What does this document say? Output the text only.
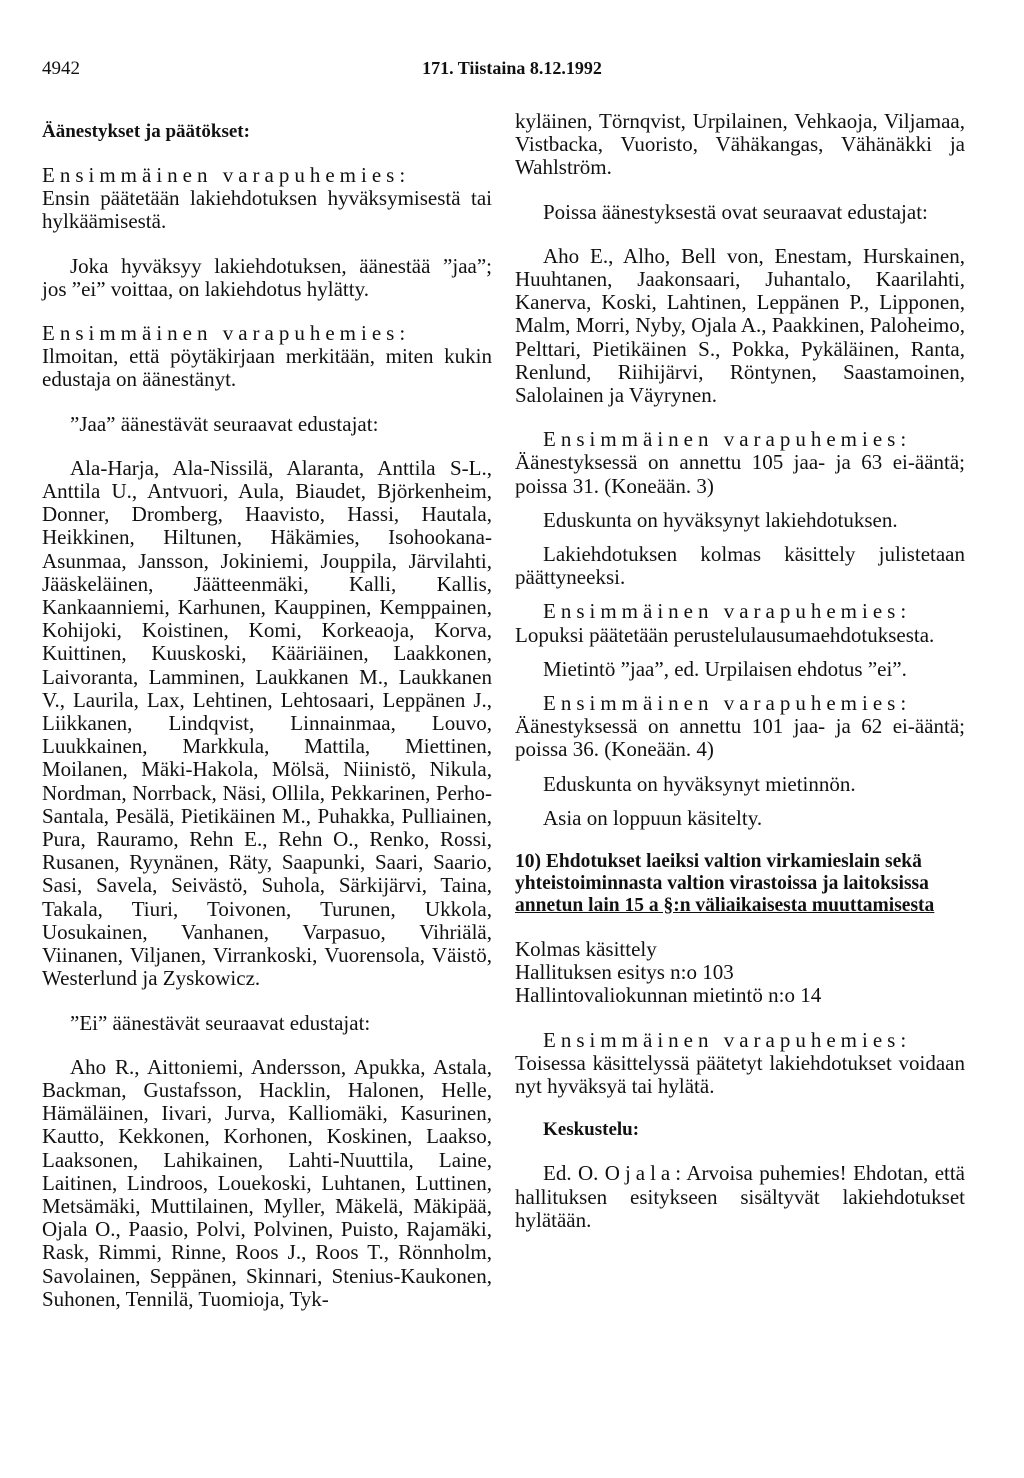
4942	171. Tiistaina 8.12.1992

Äänestykset ja päätökset:

Ensimmäinen varapuhemies:

Ensin päätetään lakiehdotuksen hyväksymisestä tai hylkäämisestä.

Joka hyväksyy lakiehdotuksen, äänestää ”jaa”; jos ”ei” voittaa, on lakiehdotus hylätty.

Ensimmäinen varapuhemies:

Ilmoitan, että pöytäkirjaan merkitään, miten kukin edustaja on äänestänyt.

”Jaa” äänestävät seuraavat edustajat:

Ala-Harja, Ala-Nissilä, Alaranta, Anttila S-L., Anttila U., Antvuori, Aula, Biaudet, Björkenheim, Donner, Dromberg, Haavisto, Hassi, Hautala, Heikkinen, Hiltunen, Häkämies, Isohookana-Asunmaa, Jansson, Jokiniemi, Jouppila, Järvilahti, Jääskeläinen, Jäätteenmäki, Kalli, Kallis, Kankaanniemi, Karhunen, Kauppinen, Kemppainen, Kohijoki, Koistinen, Komi, Korkeaoja, Korva, Kuittinen, Kuuskoski, Kääriäinen, Laakkonen, Laivoranta, Lamminen, Laukkanen M., Laukkanen V., Laurila, Lax, Lehtinen, Lehtosaari, Leppänen J., Liikkanen, Lindqvist, Linnainmaa, Louvo, Luukkainen, Markkula, Mattila, Miettinen, Moilanen, Mäki-Hakola, Mölsä, Niinistö, Nikula, Nordman, Norrback, Näsi, Ollila, Pekkarinen, Perho-Santala, Pesälä, Pietikäinen M., Puhakka, Pulliainen, Pura, Rauramo, Rehn E., Rehn O., Renko, Rossi, Rusanen, Ryynänen, Räty, Saapunki, Saari, Saario, Sasi, Savela, Seivästö, Suhola, Särkijärvi, Taina, Takala, Tiuri, Toivonen, Turunen, Ukkola, Uosukainen, Vanhanen, Varpasuo, Vihriälä, Viinanen, Viljanen, Virrankoski, Vuorensola, Väistö, Westerlund ja Zyskowicz.

”Ei” äänestävät seuraavat edustajat:

Aho R., Aittoniemi, Andersson, Apukka, Astala, Backman, Gustafsson, Hacklin, Halonen, Helle, Hämäläinen, Iivari, Jurva, Kalliomäki, Kasurinen, Kautto, Kekkonen, Korhonen, Koskinen, Laakso, Laaksonen, Lahikainen, Lahti-Nuuttila, Laine, Laitinen, Lindroos, Louekoski, Luhtanen, Luttinen, Metsämäki, Muttilainen, Myller, Mäkelä, Mäkipää, Ojala O., Paasio, Polvi, Polvinen, Puisto, Rajamäki, Rask, Rimmi, Rinne, Roos J., Roos T., Rönnholm, Savolainen, Seppänen, Skinnari, Stenius-Kaukonen, Suhonen, Tennilä, Tuomioja, Tyk-

kyläinen, Törnqvist, Urpilainen, Vehkaoja, Viljamaa, Vistbacka, Vuoristo, Vähäkangas, Vähänäkki ja Wahlström.

Poissa äänestyksestä ovat seuraavat edustajat:

Aho E., Alho, Bell von, Enestam, Hurskainen, Huuhtanen, Jaakonsaari, Juhantalo, Kaarilahti, Kanerva, Koski, Lahtinen, Leppänen P., Lipponen, Malm, Morri, Nyby, Ojala A., Paakkinen, Paloheimo, Pelttari, Pietikäinen S., Pokka, Pykäläinen, Ranta, Renlund, Riihijärvi, Röntynen, Saastamoinen, Salolainen ja Väyrynen.

Ensimmäinen varapuhemies:

Äänestyksessä on annettu 105 jaa- ja 63 ei-ääntä; poissa 31. (Koneään. 3)

Eduskunta on hyväksynyt lakiehdotuksen.

Lakiehdotuksen kolmas käsittely julistetaan päättyneeksi.

Ensimmäinen varapuhemies:

Lopuksi päätetään perustelulausumaehdotuksesta.

Mietintö ”jaa”, ed. Urpilaisen ehdotus ”ei”.

Ensimmäinen varapuhemies:

Äänestyksessä on annettu 101 jaa- ja 62 ei-ääntä; poissa 36. (Koneään. 4)

Eduskunta on hyväksynyt mietinnön.

Asia on loppuun käsitelty.

10) Ehdotukset laeiksi valtion virkamieslain sekä yhteistoiminnasta valtion virastoissa ja laitoksissa annetun lain 15 a §:n väliaikaisesta muuttamisesta

Kolmas käsittely

Hallituksen esitys n:o 103

Hallintovaliokunnan mietintö n:o 14

Ensimmäinen varapuhemies:

Toisessa käsittelyssä päätetyt lakiehdotukset voidaan nyt hyväksyä tai hylätä.

Keskustelu:

Ed. O. Ojala: Arvoisa puhemies! Ehdotan, että hallituksen esitykseen sisältyvät lakiehdotukset hylätään.
